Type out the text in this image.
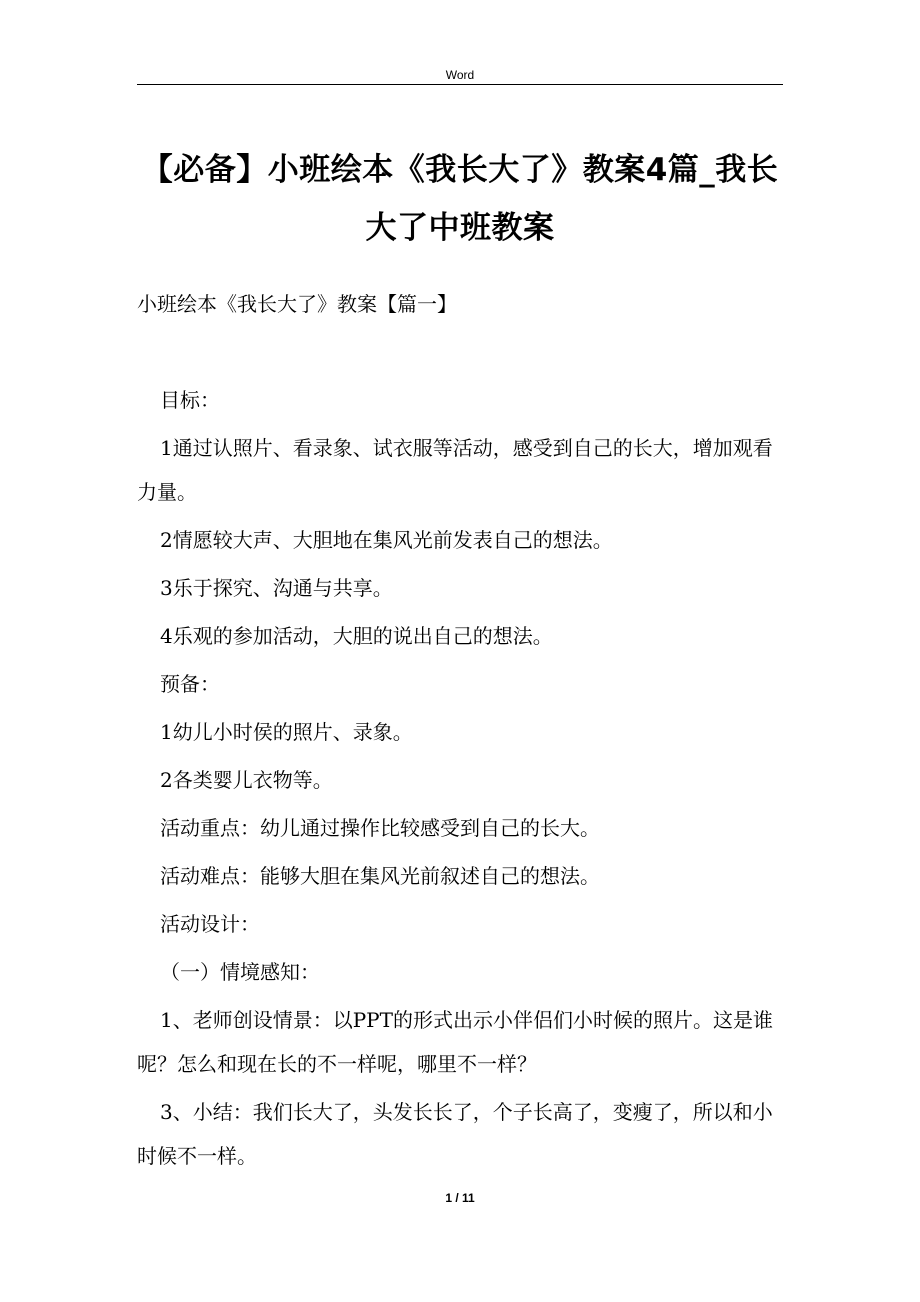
Word
【必备】小班绘本《我长大了》教案4篇_我长大了中班教案

小班绘本《我长大了》教案【篇一】

目标：

1通过认照片、看录象、试衣服等活动，感受到自己的长大，增加观看力量。

2情愿较大声、大胆地在集风光前发表自己的想法。

3乐于探究、沟通与共享。

4乐观的参加活动，大胆的说出自己的想法。

预备：

1幼儿小时侯的照片、录象。

2各类婴儿衣物等。

活动重点：幼儿通过操作比较感受到自己的长大。

活动难点：能够大胆在集风光前叙述自己的想法。

活动设计：

（一）情境感知：

1、老师创设情景：以PPT的形式出示小伴侣们小时候的照片。这是谁呢？怎么和现在长的不一样呢，哪里不一样？

3、小结：我们长大了，头发长长了，个子长高了，变瘦了，所以和小时候不一样。

1 / 11
